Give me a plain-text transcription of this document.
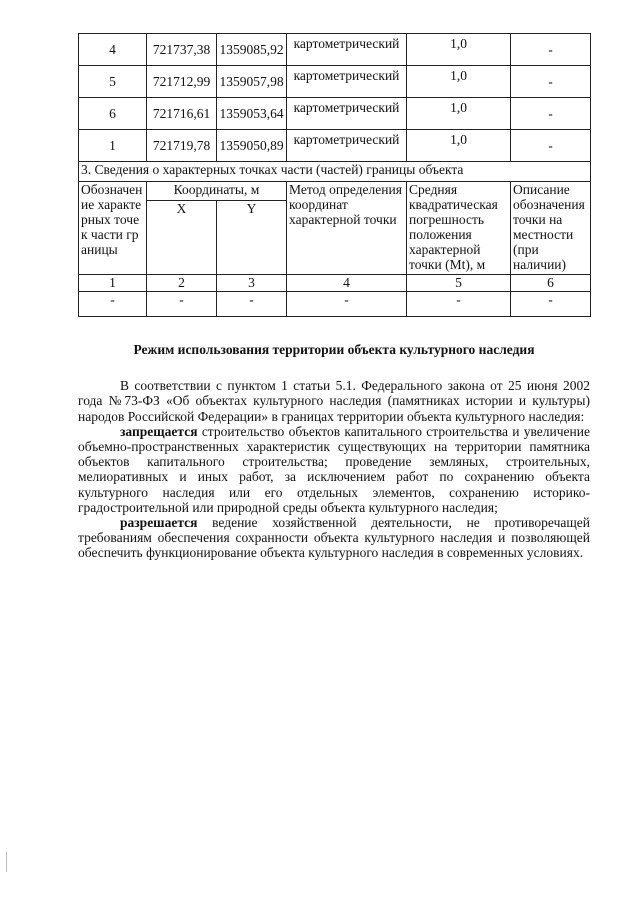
4	721737,38	1359085,92	картометрический	1,0	-
5	721712,99	1359057,98	картометрический	1,0	-
6	721716,61	1359053,64	картометрический	1,0	-
1	721719,78	1359050,89	картометрический	1,0	-
3. Сведения о характерных точках части (частей) границы объекта					
Обозначение характерных точек части границы	Координаты, м		Метод определения координат характерной точки	Средняя квадратическая погрешность положения характерной точки (Mt), м	Описание обозначения точки на местности (при наличии)
	X	Y			
1	2	3	4	5	6
-	-	-	-	-	-

Режим использования территории объекта культурного наследия

В соответствии с пунктом 1 статьи 5.1. Федерального закона от 25 июня 2002 года №73-ФЗ «Об объектах культурного наследия (памятниках истории и культуры) народов Российской Федерации» в границах территории объекта культурного наследия:

запрещается строительство объектов капитального строительства и увеличение объемно-пространственных характеристик существующих на территории памятника объектов капитального строительства; проведение земляных, строительных, мелиоративных и иных работ, за исключением работ по сохранению объекта культурного наследия или его отдельных элементов, сохранению историко-градостроительной или природной среды объекта культурного наследия;

разрешается ведение хозяйственной деятельности, не противоречащей требованиям обеспечения сохранности объекта культурного наследия и позволяющей обеспечить функционирование объекта культурного наследия в современных условиях.
